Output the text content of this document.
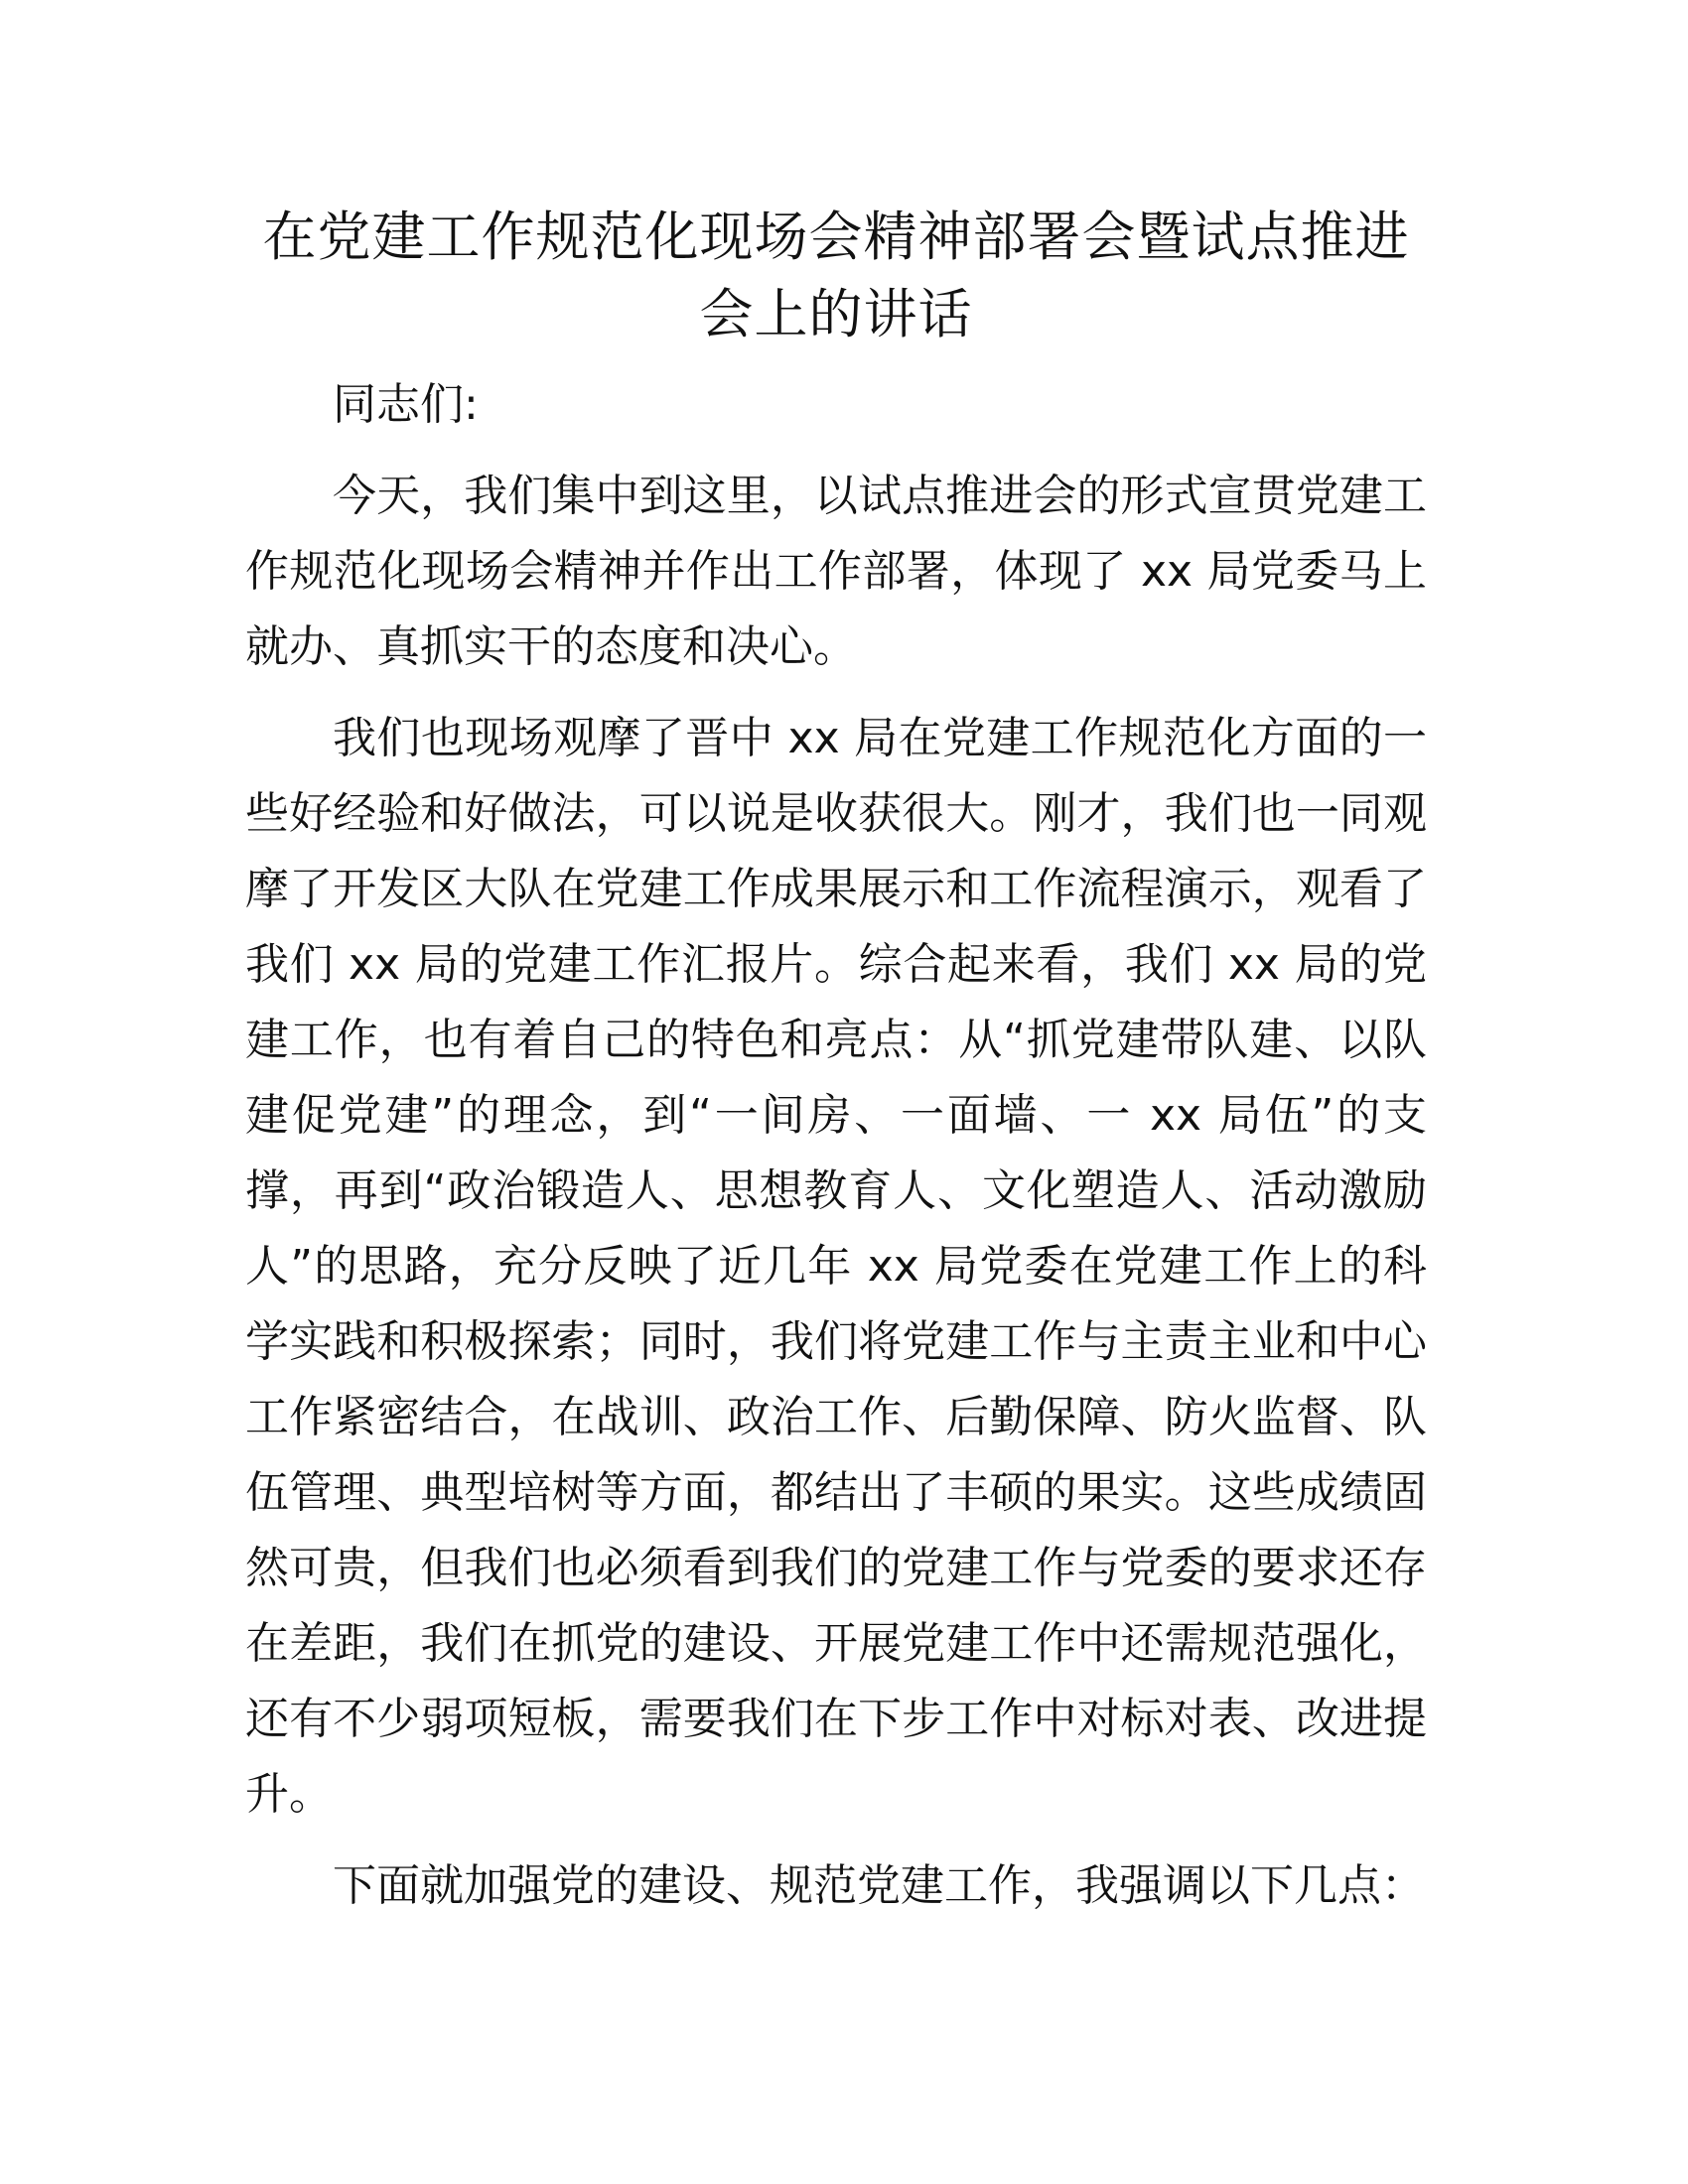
在党建工作规范化现场会精神部署会暨试点推进会上的讲话

同志们:

今天，我们集中到这里，以试点推进会的形式宣贯党建工作规范化现场会精神并作出工作部署，体现了 xx 局党委马上就办、真抓实干的态度和决心。

我们也现场观摩了晋中 xx 局在党建工作规范化方面的一些好经验和好做法，可以说是收获很大。刚才，我们也一同观摩了开发区大队在党建工作成果展示和工作流程演示，观看了我们 xx 局的党建工作汇报片。综合起来看，我们 xx 局的党建工作，也有着自己的特色和亮点：从“抓党建带队建、以队建促党建”的理念，到“一间房、一面墙、一 xx 局伍”的支撑，再到“政治锻造人、思想教育人、文化塑造人、活动激励人”的思路，充分反映了近几年 xx 局党委在党建工作上的科学实践和积极探索；同时，我们将党建工作与主责主业和中心工作紧密结合，在战训、政治工作、后勤保障、防火监督、队伍管理、典型培树等方面，都结出了丰硕的果实。这些成绩固然可贵，但我们也必须看到我们的党建工作与党委的要求还存在差距，我们在抓党的建设、开展党建工作中还需规范强化，还有不少弱项短板，需要我们在下步工作中对标对表、改进提升。

下面就加强党的建设、规范党建工作，我强调以下几点：
